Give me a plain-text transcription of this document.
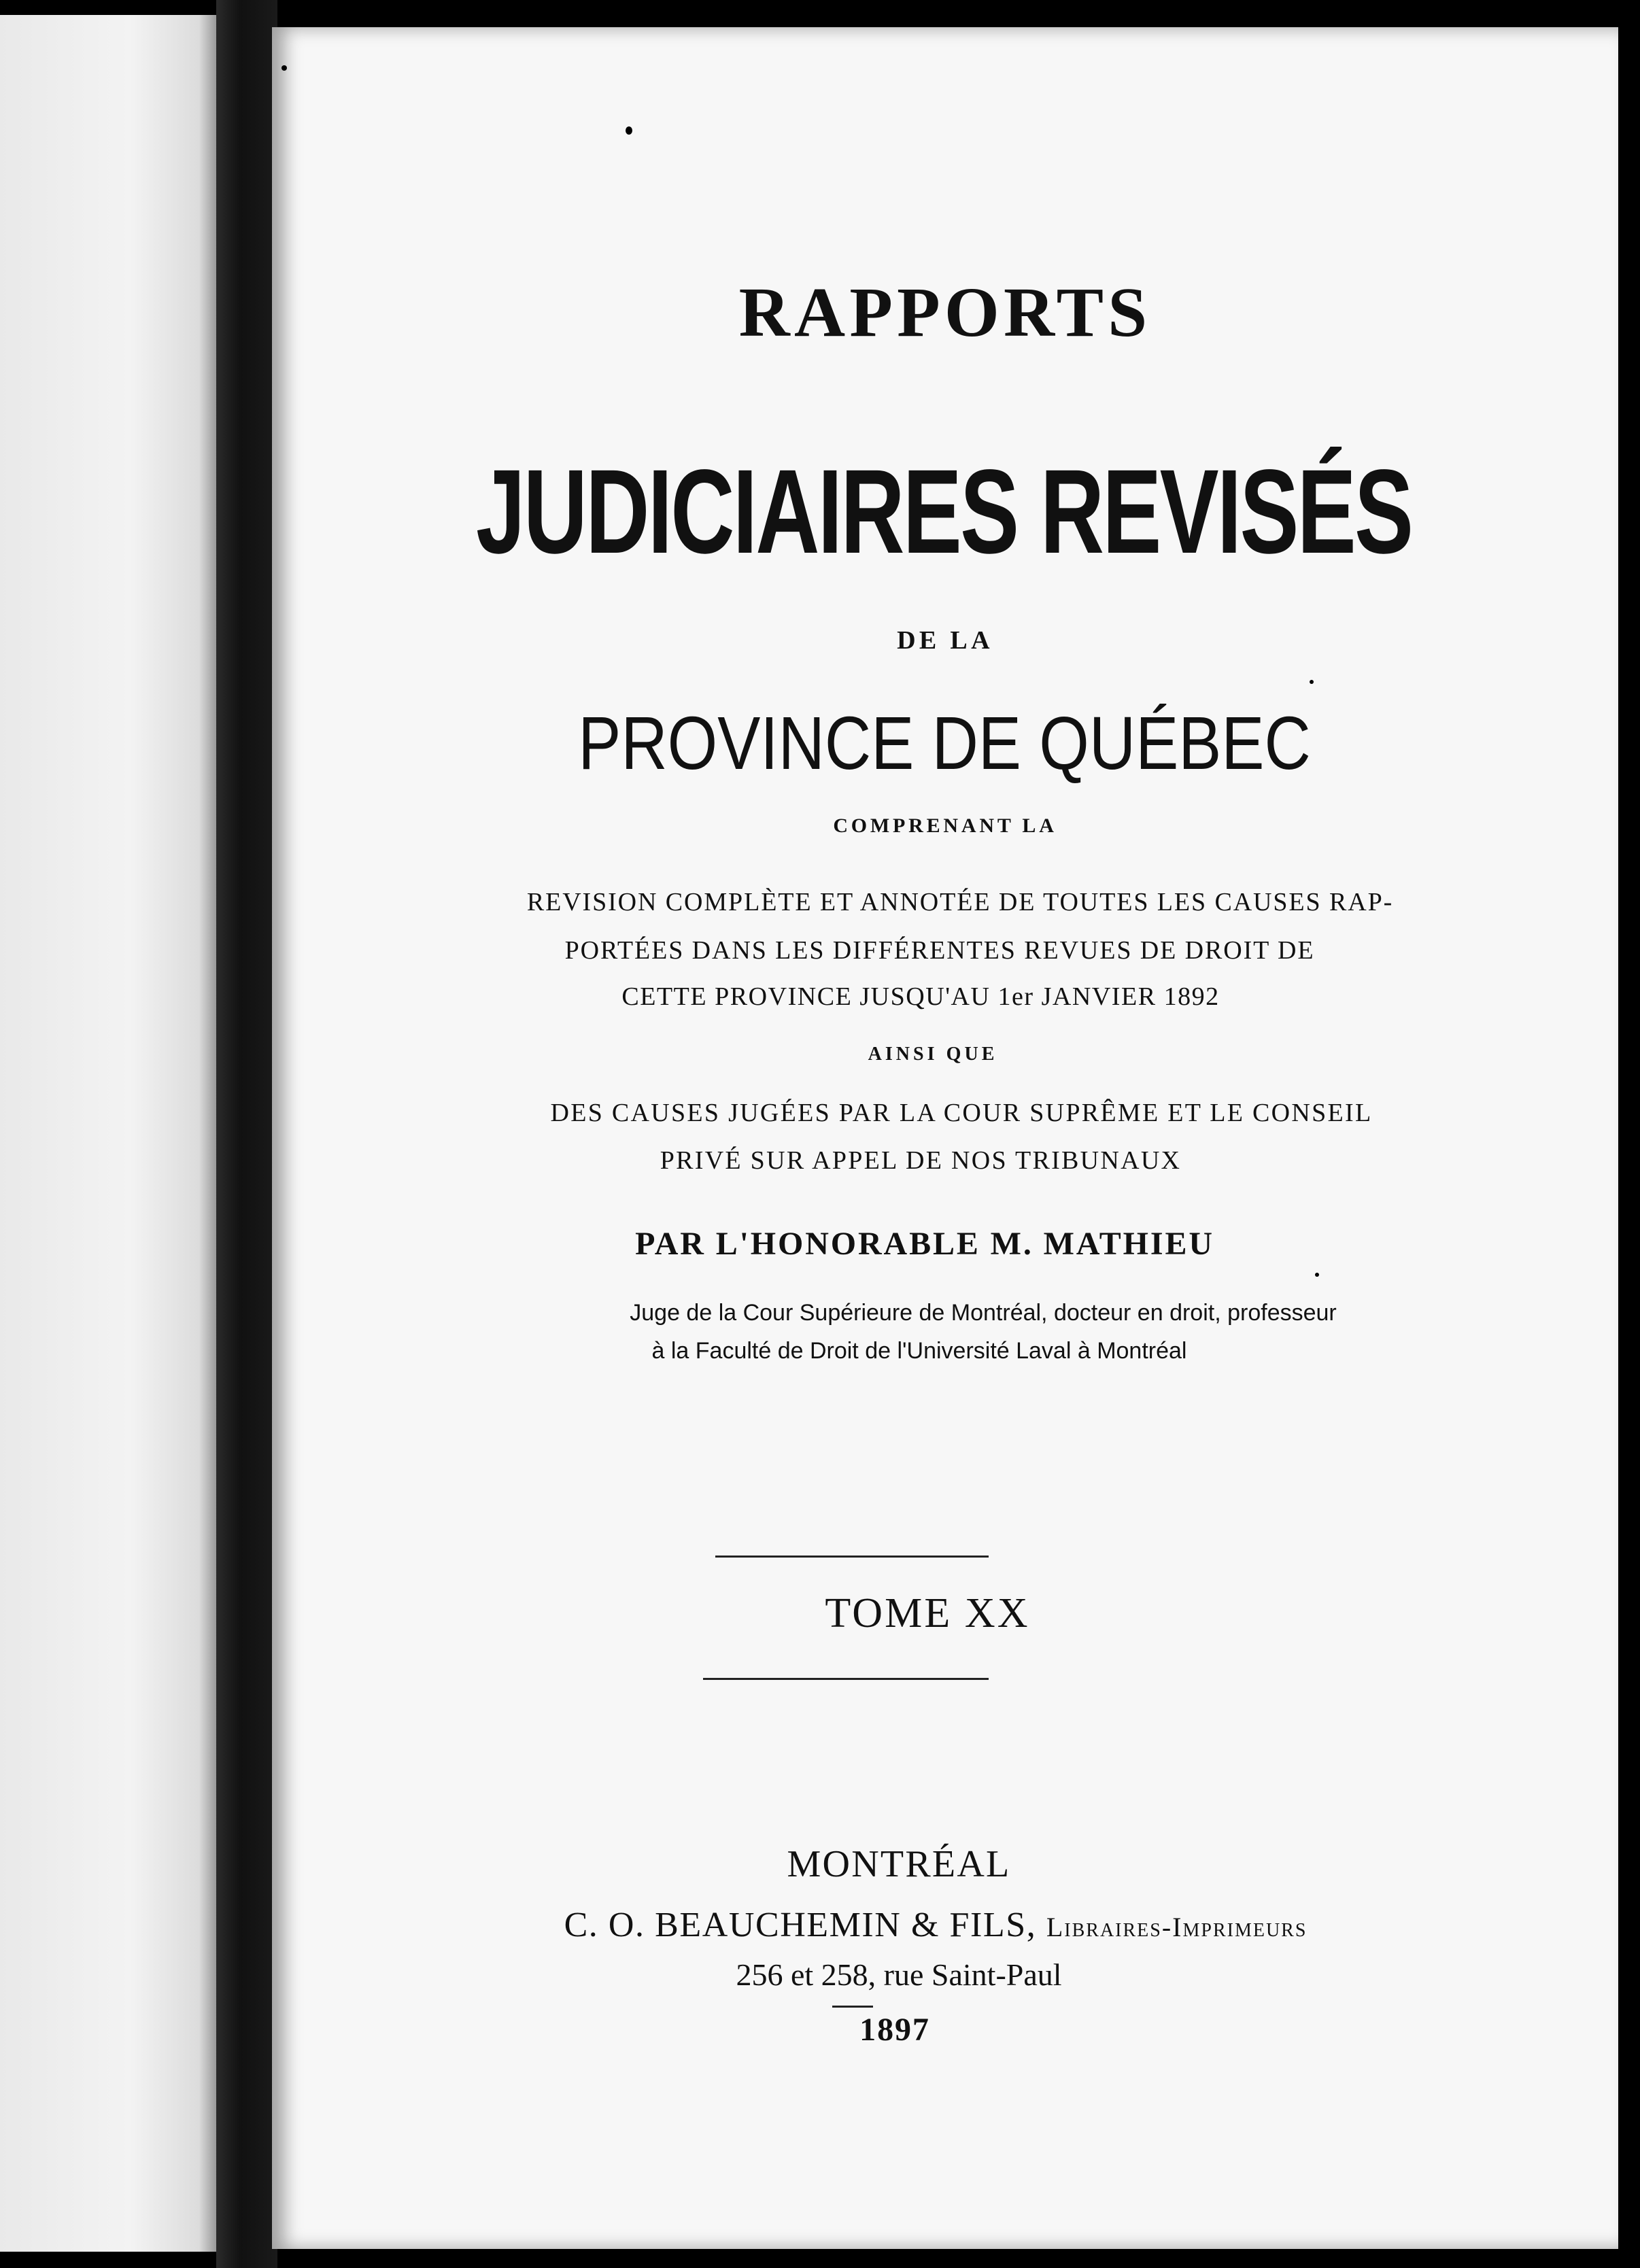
RAPPORTS
JUDICIAIRES REVISÉS
DE LA
PROVINCE DE QUÉBEC
COMPRENANT LA
REVISION COMPLÈTE ET ANNOTÉE DE TOUTES LES CAUSES RAP-
PORTÉES DANS LES DIFFÉRENTES REVUES DE DROIT DE
CETTE PROVINCE JUSQU'AU 1er JANVIER 1892
AINSI QUE
DES CAUSES JUGÉES PAR LA COUR SUPRÊME ET LE CONSEIL
PRIVÉ SUR APPEL DE NOS TRIBUNAUX
PAR L'HONORABLE M. MATHIEU
Juge de la Cour Supérieure de Montréal, docteur en droit, professeur
à la Faculté de Droit de l'Université Laval à Montréal
TOME XX
MONTRÉAL
C. O. BEAUCHEMIN & FILS, Libraires-Imprimeurs
256 et 258, rue Saint-Paul
1897
